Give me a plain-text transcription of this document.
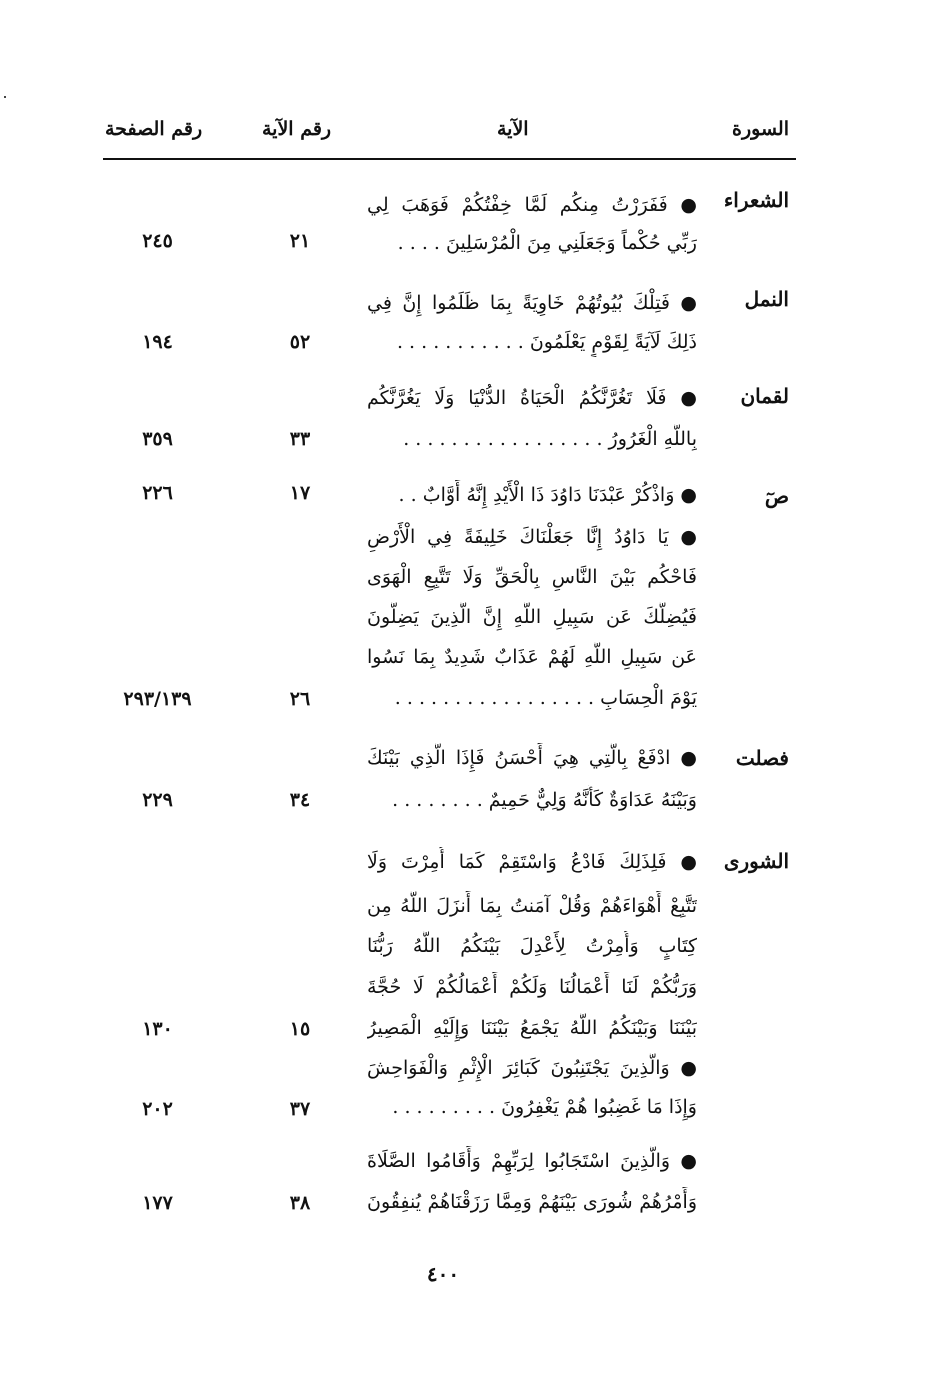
السورة
الآية
رقم الآية
رقم الصفحة
الشعراء
● فَفَرَرْتُ مِنكُم لَمَّا خِفْتُكُمْ فَوَهَبَ لِي
رَبِّي حُكْماً وَجَعَلَنِي مِنَ الْمُرْسَلِينَ . . . .
٢١
٢٤٥
النمل
● فَتِلْكَ بُيُوتُهُمْ خَاوِيَةً بِمَا ظَلَمُوا إِنَّ فِي
ذَلِكَ لَآيَةً لِقَوْمٍ يَعْلَمُونَ . . . . . . . . . . .
٥٢
١٩٤
لقمان
● فَلَا تَغُرَّنَّكُمُ الْحَيَاةُ الدُّنْيَا وَلَا يَغُرَّنَّكُم
بِاللَّهِ الْغَرُورُ . . . . . . . . . . . . . . . . .
٣٣
٣٥٩
صٓ
● وَاذْكُرْ عَبْدَنَا دَاوُدَ ذَا الْأَيْدِ إِنَّهُ أَوَّابٌ . .
١٧
٢٢٦
● يَا دَاوُدُ إِنَّا جَعَلْنَاكَ خَلِيفَةً فِي الْأَرْضِ
فَاحْكُم بَيْنَ النَّاسِ بِالْحَقِّ وَلَا تَتَّبِعِ الْهَوَى
فَيُضِلَّكَ عَن سَبِيلِ اللَّهِ إِنَّ الَّذِينَ يَضِلُّونَ
عَن سَبِيلِ اللَّهِ لَهُمْ عَذَابٌ شَدِيدٌ بِمَا نَسُوا
يَوْمَ الْحِسَابِ . . . . . . . . . . . . . . . . .
٢٦
٢٩٣/١٣٩
فصلت
● ادْفَعْ بِالَّتِي هِيَ أَحْسَنُ فَإِذَا الَّذِي بَيْنَكَ
وَبَيْنَهُ عَدَاوَةٌ كَأَنَّهُ وَلِيٌّ حَمِيمٌ . . . . . . . .
٣٤
٢٢٩
الشورى
● فَلِذَلِكَ فَادْعُ وَاسْتَقِمْ كَمَا أُمِرْتَ وَلَا
تَتَّبِعْ أَهْوَاءَهُمْ وَقُلْ آمَنتُ بِمَا أَنزَلَ اللَّهُ مِن
كِتَابٍ وَأُمِرْتُ لِأَعْدِلَ بَيْنَكُمُ اللَّهُ رَبُّنَا
وَرَبُّكُمْ لَنَا أَعْمَالُنَا وَلَكُمْ أَعْمَالُكُمْ لَا حُجَّةَ
بَيْنَنَا وَبَيْنَكُمُ اللَّهُ يَجْمَعُ بَيْنَنَا وَإِلَيْهِ الْمَصِيرُ
١٥
١٣٠
● وَالَّذِينَ يَجْتَنِبُونَ كَبَائِرَ الْإِثْمِ وَالْفَوَاحِشَ
وَإِذَا مَا غَضِبُوا هُمْ يَغْفِرُونَ . . . . . . . . .
٣٧
٢٠٢
● وَالَّذِينَ اسْتَجَابُوا لِرَبِّهِمْ وَأَقَامُوا الصَّلَاةَ
وَأَمْرُهُمْ شُورَى بَيْنَهُمْ وَمِمَّا رَزَقْنَاهُمْ يُنفِقُونَ
٣٨
١٧٧
٤٠٠
